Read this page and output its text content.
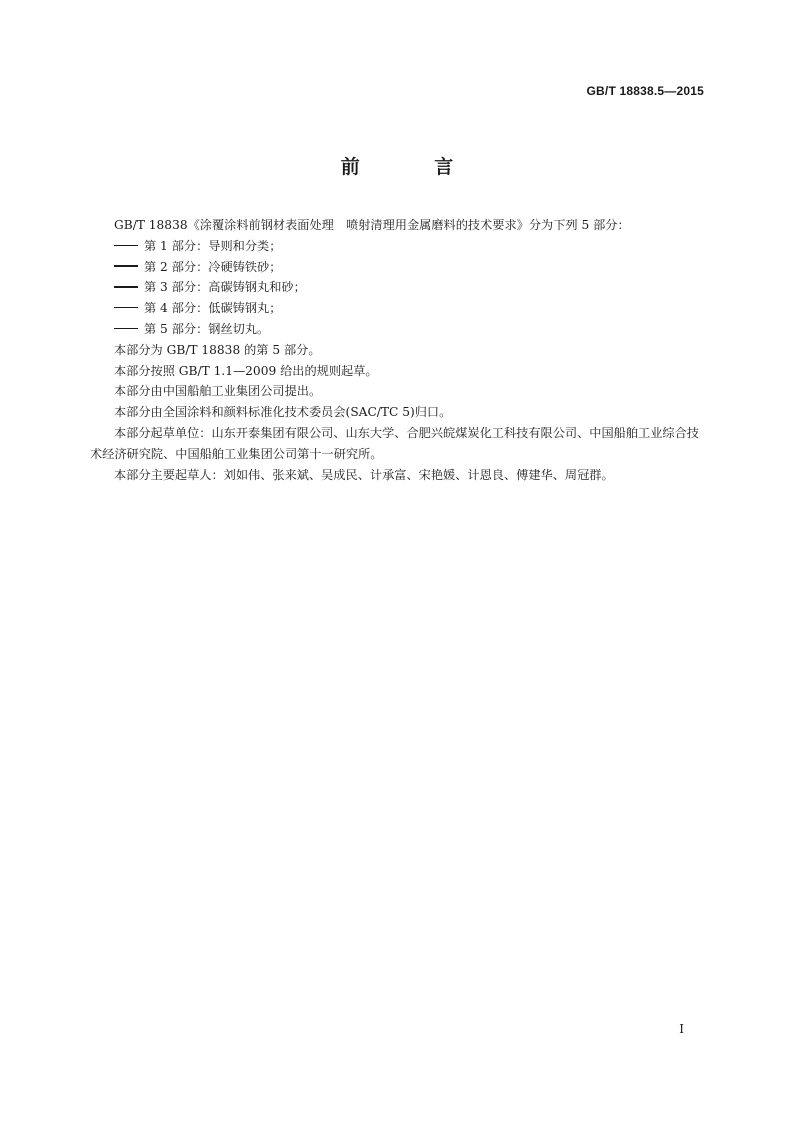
GB/T 18838.5—2015
前 言

GB/T 18838《涂覆涂料前钢材表面处理　喷射清理用金属磨料的技术要求》分为下列 5 部分：

第 1 部分：导则和分类；

第 2 部分：冷硬铸铁砂；

第 3 部分：高碳铸钢丸和砂；

第 4 部分：低碳铸钢丸；

第 5 部分：钢丝切丸。

本部分为 GB/T 18838 的第 5 部分。

本部分按照 GB/T 1.1—2009 给出的规则起草。

本部分由中国船舶工业集团公司提出。

本部分由全国涂料和颜料标准化技术委员会(SAC/TC 5)归口。

本部分起草单位：山东开泰集团有限公司、山东大学、合肥兴皖煤炭化工科技有限公司、中国船舶工业综合技术经济研究院、中国船舶工业集团公司第十一研究所。

本部分主要起草人：刘如伟、张来斌、吴成民、计承富、宋艳媛、计恩良、傅建华、周冠群。

I
